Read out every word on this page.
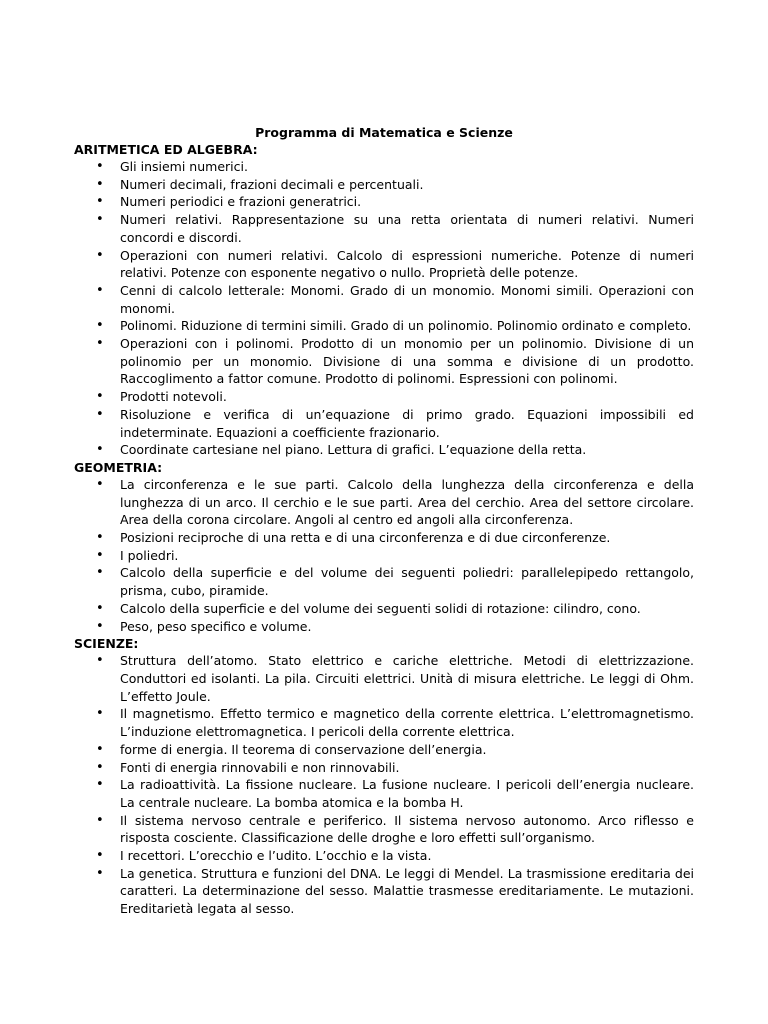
Programma di Matematica e Scienze

ARITMETICA ED ALGEBRA:

• Gli insiemi numerici.
• Numeri decimali, frazioni decimali e percentuali.
• Numeri periodici e frazioni generatrici.
• Numeri relativi. Rappresentazione su una retta orientata di numeri relativi. Numeri concordi e discordi.
• Operazioni con numeri relativi. Calcolo di espressioni numeriche. Potenze di numeri relativi. Potenze con esponente negativo o nullo. Proprietà delle potenze.
• Cenni di calcolo letterale: Monomi. Grado di un monomio. Monomi simili. Operazioni con monomi.
• Polinomi. Riduzione di termini simili. Grado di un polinomio. Polinomio ordinato e completo.
• Operazioni con i polinomi. Prodotto di un monomio per un polinomio. Divisione di un polinomio per un monomio. Divisione di una somma e divisione di un prodotto. Raccoglimento a fattor comune. Prodotto di polinomi. Espressioni con polinomi.
• Prodotti notevoli.
• Risoluzione e verifica di un’equazione di primo grado. Equazioni impossibili ed indeterminate. Equazioni a coefficiente frazionario.
• Coordinate cartesiane nel piano. Lettura di grafici. L’equazione della retta.

GEOMETRIA:

• La circonferenza e le sue parti. Calcolo della lunghezza della circonferenza e della lunghezza di un arco. Il cerchio e le sue parti. Area del cerchio. Area del settore circolare. Area della corona circolare. Angoli al centro ed angoli alla circonferenza.
• Posizioni reciproche di una retta e di una circonferenza e di due circonferenze.
• I poliedri.
• Calcolo della superficie e del volume dei seguenti poliedri: parallelepipedo rettangolo, prisma, cubo, piramide.
• Calcolo della superficie e del volume dei seguenti solidi di rotazione: cilindro, cono.
• Peso, peso specifico e volume.

SCIENZE:

• Struttura dell’atomo. Stato elettrico e cariche elettriche. Metodi di elettrizzazione. Conduttori ed isolanti. La pila. Circuiti elettrici. Unità di misura elettriche. Le leggi di Ohm. L’effetto Joule.
• Il magnetismo. Effetto termico e magnetico della corrente elettrica. L’elettromagnetismo. L’induzione elettromagnetica. I pericoli della corrente elettrica.
• forme di energia. Il teorema di conservazione dell’energia.
• Fonti di energia rinnovabili e non rinnovabili.
• La radioattività. La fissione nucleare. La fusione nucleare. I pericoli dell’energia nucleare. La centrale nucleare. La bomba atomica e la bomba H.
• Il sistema nervoso centrale e periferico. Il sistema nervoso autonomo. Arco riflesso e risposta cosciente. Classificazione delle droghe e loro effetti sull’organismo.
• I recettori. L’orecchio e l’udito. L’occhio e la vista.
• La genetica. Struttura e funzioni del DNA. Le leggi di Mendel. La trasmissione ereditaria dei caratteri. La determinazione del sesso. Malattie trasmesse ereditariamente. Le mutazioni. Ereditarietà legata al sesso.
